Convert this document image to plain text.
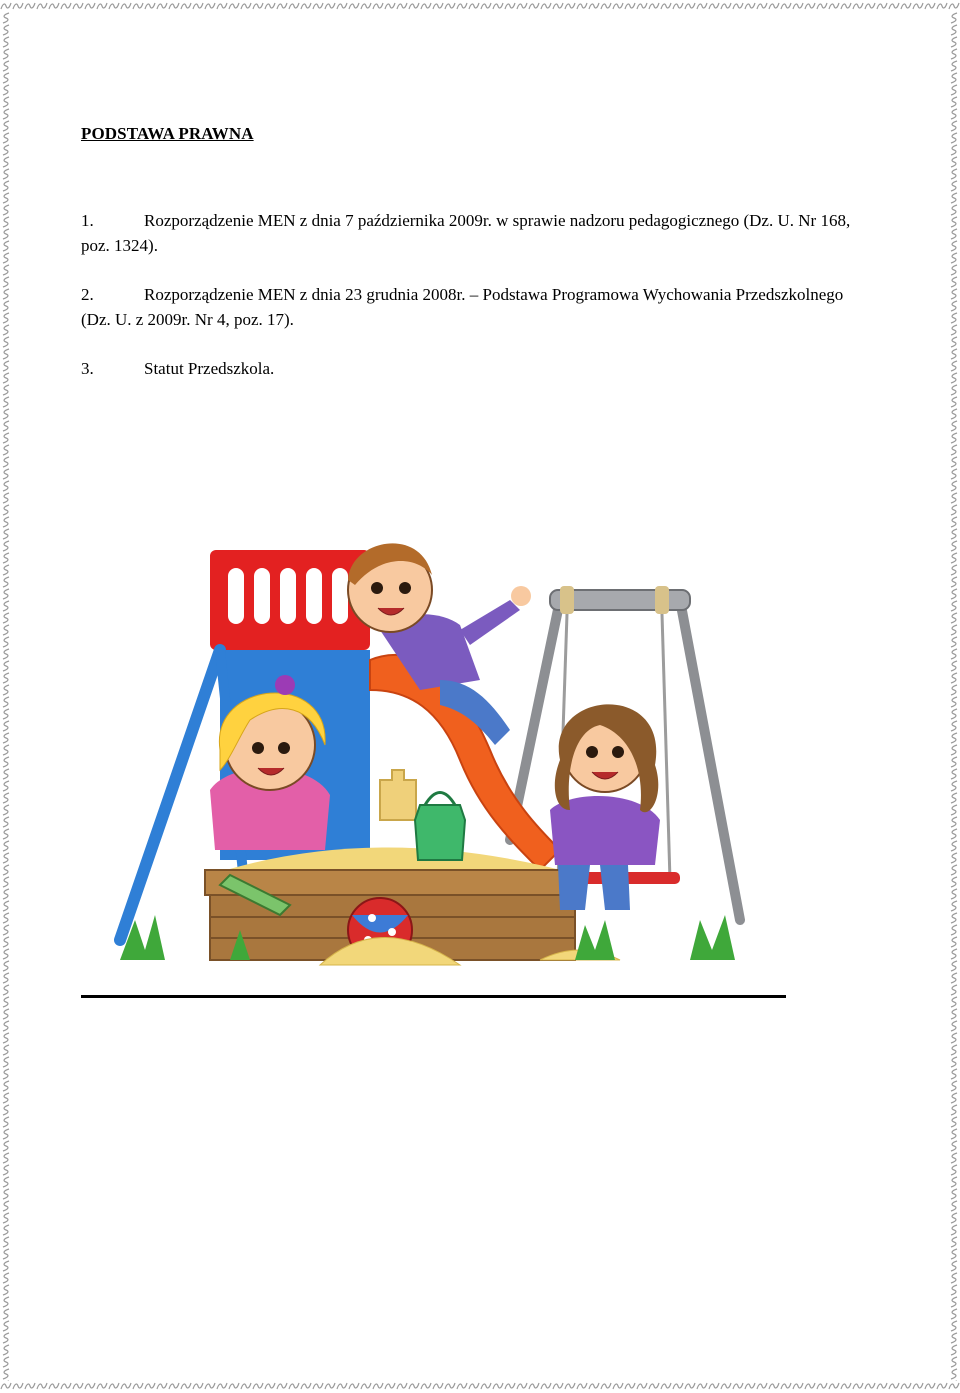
PODSTAWA PRAWNA
1.	Rozporządzenie MEN z dnia 7 października 2009r. w sprawie nadzoru pedagogicznego (Dz. U. Nr 168, poz. 1324).
2.	Rozporządzenie MEN z dnia 23 grudnia 2008r. – Podstawa Programowa Wychowania Przedszkolnego (Dz. U. z 2009r. Nr 4, poz. 17).
3.	Statut Przedszkola.
